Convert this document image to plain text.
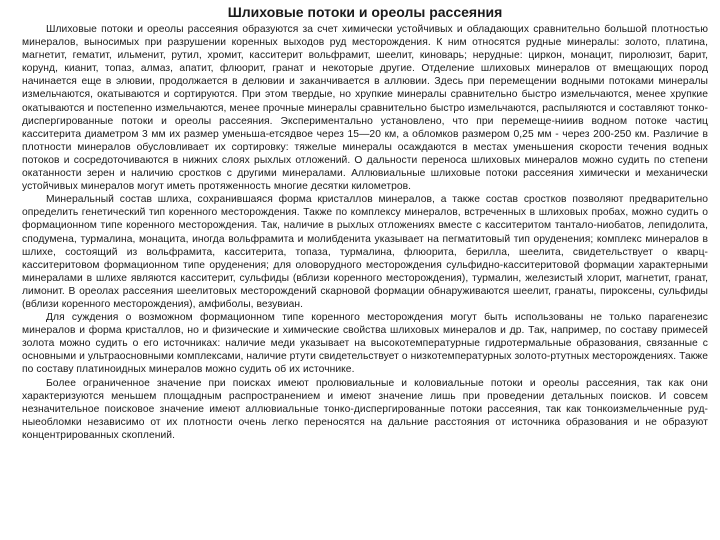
Шлиховые потоки и ореолы рассеяния

Шлиховые потоки и ореолы рассеяния образуются за счет химически устойчивых и обладающих сравнительно большой плотностью минералов, выносимых при разрушении коренных выходов руд месторождения. К ним относятся рудные минералы: золото, платина, магнетит, гематит, ильменит, рутил, хромит, касситерит вольфрамит, шеелит, киноварь; нерудные: циркон, монацит, пиролюзит, барит, корунд, кианит, топаз, алмаз, апатит, флюорит, гранат и некоторые другие. Отделение шлиховых минералов от вмещающих пород начинается еще в элювии, продолжается в делювии и заканчивается в аллювии. Здесь при перемещении водными потоками минералы измельчаются, окатываются и сортируются. При этом твердые, но хрупкие минералы сравнительно быстро измельчаются, менее хрупкие окатываются и постепенно измельчаются, менее прочные минералы сравнительно быстро измельчаются, распыляются и составляют тонко-диспергированные потоки и ореолы рассеяния. Экспериментально установлено, что при перемеще-нииив водном потоке частиц касситерита диаметром 3 мм их размер уменьша-етсядвое через 15—20 км, а обломков размером 0,25 мм - через 200-250 км. Различие в плотности минералов обусловливает их сортировку: тяжелые минералы осаждаются в местах уменьшения скорости течения водных потоков и сосредоточиваются в нижних слоях рыхлых отложений. О дальности переноса шлиховых минералов можно судить по степени окатанности зерен и наличию сростков с другими минералами. Аллювиальные шлиховые потоки рассеяния химически и механически устойчивых минералов могут иметь протяженность многие десятки километров.

Минеральный состав шлиха, сохранившаяся форма кристаллов минералов, а также состав сростков позволяют предварительно определить генетический тип коренного месторождения. Также по комплексу минералов, встреченных в шлиховых пробах, можно судить о формационном типе коренного месторождения. Так, наличие в рыхлых отложениях вместе с касситеритом тантало-ниобатов, лепидолита, сподумена, турмалина, монацита, иногда вольфрамита и молибденита указывает на пегматитовый тип оруденения; комплекс минералов в шлихе, состоящий из вольфрамита, касситерита, топаза, турмалина, флюорита, берилла, шеелита, свидетельствует о кварц-касситеритовом формационном типе оруденения; для оловорудного месторождения сульфидно-касситеритовой формации характерными минералами в шлихе являются касситерит, сульфиды (вблизи коренного месторождения), турмалин, железистый хлорит, магнетит, гранат, лимонит. В ореолах рассеяния шеелитовых месторождений скарновой формации обнаруживаются шеелит, гранаты, пироксены, сульфиды (вблизи коренного месторождения), амфиболы, везувиан.

Для суждения о возможном формационном типе коренного месторождения могут быть использованы не только парагенезис минералов и форма кристаллов, но и физические и химические свойства шлиховых минералов и др. Так, например, по составу примесей золота можно судить о его источниках: наличие меди указывает на высокотемпературные гидротермальные образования, связанные с основными и ультраосновными комплексами, наличие ртути свидетельствует о низкотемпературных золото-ртутных месторождениях. Также по составу платиноидных минералов можно судить об их источнике.

Более ограниченное значение при поисках имеют пролювиальные и коловиальные потоки и ореолы рассеяния, так как они характеризуются меньшем площадным распространением и имеют значение лишь при проведении детальных поисков. И совсем незначительное поисковое значение имеют аллювиальные тонко-диспергированные потоки рассеяния, так как тонкоизмельченные руд-ныеобломки независимо от их плотности очень легко переносятся на дальние расстояния от источника образования и не образуют концентрированных скоплений.
